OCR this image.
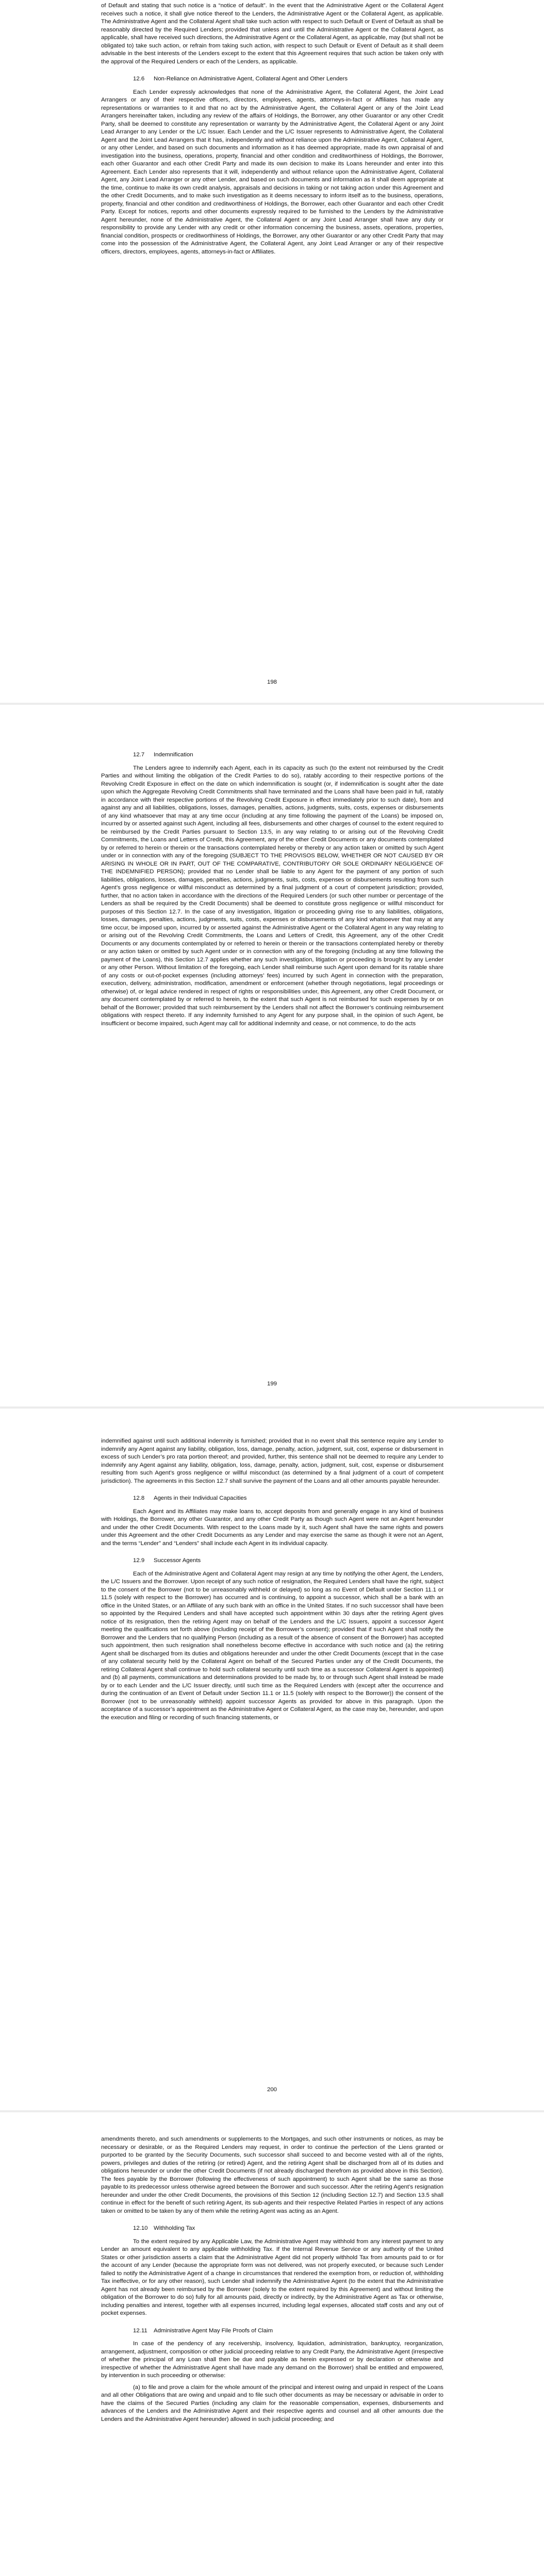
of Default and stating that such notice is a “notice of default”. In the event that the Administrative Agent or the Collateral Agent receives such a notice, it shall give notice thereof to the Lenders, the Administrative Agent or the Collateral Agent, as applicable. The Administrative Agent and the Collateral Agent shall take such action with respect to such Default or Event of Default as shall be reasonably directed by the Required Lenders; provided that unless and until the Administrative Agent or the Collateral Agent, as applicable, shall have received such directions, the Administrative Agent or the Collateral Agent, as applicable, may (but shall not be obligated to) take such action, or refrain from taking such action, with respect to such Default or Event of Default as it shall deem advisable in the best interests of the Lenders except to the extent that this Agreement requires that such action be taken only with the approval of the Required Lenders or each of the Lenders, as applicable.

12.6 Non-Reliance on Administrative Agent, Collateral Agent and Other Lenders

Each Lender expressly acknowledges that none of the Administrative Agent, the Collateral Agent, the Joint Lead Arrangers or any of their respective officers, directors, employees, agents, attorneys-in-fact or Affiliates has made any representations or warranties to it and that no act by the Administrative Agent, the Collateral Agent or any of the Joint Lead Arrangers hereinafter taken, including any review of the affairs of Holdings, the Borrower, any other Guarantor or any other Credit Party, shall be deemed to constitute any representation or warranty by the Administrative Agent, the Collateral Agent or any Joint Lead Arranger to any Lender or the L/C Issuer. Each Lender and the L/C Issuer represents to Administrative Agent, the Collateral Agent and the Joint Lead Arrangers that it has, independently and without reliance upon the Administrative Agent, Collateral Agent, or any other Lender, and based on such documents and information as it has deemed appropriate, made its own appraisal of and investigation into the business, operations, property, financial and other condition and creditworthiness of Holdings, the Borrower, each other Guarantor and each other Credit Party and made its own decision to make its Loans hereunder and enter into this Agreement. Each Lender also represents that it will, independently and without reliance upon the Administrative Agent, Collateral Agent, any Joint Lead Arranger or any other Lender, and based on such documents and information as it shall deem appropriate at the time, continue to make its own credit analysis, appraisals and decisions in taking or not taking action under this Agreement and the other Credit Documents, and to make such investigation as it deems necessary to inform itself as to the business, operations, property, financial and other condition and creditworthiness of Holdings, the Borrower, each other Guarantor and each other Credit Party. Except for notices, reports and other documents expressly required to be furnished to the Lenders by the Administrative Agent hereunder, none of the Administrative Agent, the Collateral Agent or any Joint Lead Arranger shall have any duty or responsibility to provide any Lender with any credit or other information concerning the business, assets, operations, properties, financial condition, prospects or creditworthiness of Holdings, the Borrower, any other Guarantor or any other Credit Party that may come into the possession of the Administrative Agent, the Collateral Agent, any Joint Lead Arranger or any of their respective officers, directors, employees, agents, attorneys-in-fact or Affiliates.

198
12.7 Indemnification

The Lenders agree to indemnify each Agent, each in its capacity as such (to the extent not reimbursed by the Credit Parties and without limiting the obligation of the Credit Parties to do so), ratably according to their respective portions of the Revolving Credit Exposure in effect on the date on which indemnification is sought (or, if indemnification is sought after the date upon which the Aggregate Revolving Credit Commitments shall have terminated and the Loans shall have been paid in full, ratably in accordance with their respective portions of the Revolving Credit Exposure in effect immediately prior to such date), from and against any and all liabilities, obligations, losses, damages, penalties, actions, judgments, suits, costs, expenses or disbursements of any kind whatsoever that may at any time occur (including at any time following the payment of the Loans) be imposed on, incurred by or asserted against such Agent, including all fees, disbursements and other charges of counsel to the extent required to be reimbursed by the Credit Parties pursuant to Section 13.5, in any way relating to or arising out of the Revolving Credit Commitments, the Loans and Letters of Credit, this Agreement, any of the other Credit Documents or any documents contemplated by or referred to herein or therein or the transactions contemplated hereby or thereby or any action taken or omitted by such Agent under or in connection with any of the foregoing (SUBJECT TO THE PROVISOS BELOW, WHETHER OR NOT CAUSED BY OR ARISING IN WHOLE OR IN PART, OUT OF THE COMPARATIVE, CONTRIBUTORY OR SOLE ORDINARY NEGLIGENCE OF THE INDEMNIFIED PERSON); provided that no Lender shall be liable to any Agent for the payment of any portion of such liabilities, obligations, losses, damages, penalties, actions, judgments, suits, costs, expenses or disbursements resulting from such Agent’s gross negligence or willful misconduct as determined by a final judgment of a court of competent jurisdiction; provided, further, that no action taken in accordance with the directions of the Required Lenders (or such other number or percentage of the Lenders as shall be required by the Credit Documents) shall be deemed to constitute gross negligence or willful misconduct for purposes of this Section 12.7. In the case of any investigation, litigation or proceeding giving rise to any liabilities, obligations, losses, damages, penalties, actions, judgments, suits, costs, expenses or disbursements of any kind whatsoever that may at any time occur, be imposed upon, incurred by or asserted against the Administrative Agent or the Collateral Agent in any way relating to or arising out of the Revolving Credit Commitments, the Loans and Letters of Credit, this Agreement, any of the other Credit Documents or any documents contemplated by or referred to herein or therein or the transactions contemplated hereby or thereby or any action taken or omitted by such Agent under or in connection with any of the foregoing (including at any time following the payment of the Loans), this Section 12.7 applies whether any such investigation, litigation or proceeding is brought by any Lender or any other Person. Without limitation of the foregoing, each Lender shall reimburse such Agent upon demand for its ratable share of any costs or out-of-pocket expenses (including attorneys’ fees) incurred by such Agent in connection with the preparation, execution, delivery, administration, modification, amendment or enforcement (whether through negotiations, legal proceedings or otherwise) of, or legal advice rendered in respect of rights or responsibilities under, this Agreement, any other Credit Document, or any document contemplated by or referred to herein, to the extent that such Agent is not reimbursed for such expenses by or on behalf of the Borrower; provided that such reimbursement by the Lenders shall not affect the Borrower’s continuing reimbursement obligations with respect thereto. If any indemnity furnished to any Agent for any purpose shall, in the opinion of such Agent, be insufficient or become impaired, such Agent may call for additional indemnity and cease, or not commence, to do the acts

199

indemnified against until such additional indemnity is furnished; provided that in no event shall this sentence require any Lender to indemnify any Agent against any liability, obligation, loss, damage, penalty, action, judgment, suit, cost, expense or disbursement in excess of such Lender’s pro rata portion thereof; and provided, further, this sentence shall not be deemed to require any Lender to indemnify any Agent against any liability, obligation, loss, damage, penalty, action, judgment, suit, cost, expense or disbursement resulting from such Agent’s gross negligence or willful misconduct (as determined by a final judgment of a court of competent jurisdiction). The agreements in this Section 12.7 shall survive the payment of the Loans and all other amounts payable hereunder.

12.8 Agents in their Individual Capacities

Each Agent and its Affiliates may make loans to, accept deposits from and generally engage in any kind of business with Holdings, the Borrower, any other Guarantor, and any other Credit Party as though such Agent were not an Agent hereunder and under the other Credit Documents. With respect to the Loans made by it, such Agent shall have the same rights and powers under this Agreement and the other Credit Documents as any Lender and may exercise the same as though it were not an Agent, and the terms “Lender” and “Lenders” shall include each Agent in its individual capacity.

12.9 Successor Agents

Each of the Administrative Agent and Collateral Agent may resign at any time by notifying the other Agent, the Lenders, the L/C Issuers and the Borrower. Upon receipt of any such notice of resignation, the Required Lenders shall have the right, subject to the consent of the Borrower (not to be unreasonably withheld or delayed) so long as no Event of Default under Section 11.1 or 11.5 (solely with respect to the Borrower) has occurred and is continuing, to appoint a successor, which shall be a bank with an office in the United States, or an Affiliate of any such bank with an office in the United States. If no such successor shall have been so appointed by the Required Lenders and shall have accepted such appointment within 30 days after the retiring Agent gives notice of its resignation, then the retiring Agent may on behalf of the Lenders and the L/C Issuers, appoint a successor Agent meeting the qualifications set forth above (including receipt of the Borrower’s consent); provided that if such Agent shall notify the Borrower and the Lenders that no qualifying Person (including as a result of the absence of consent of the Borrower) has accepted such appointment, then such resignation shall nonetheless become effective in accordance with such notice and (a) the retiring Agent shall be discharged from its duties and obligations hereunder and under the other Credit Documents (except that in the case of any collateral security held by the Collateral Agent on behalf of the Secured Parties under any of the Credit Documents, the retiring Collateral Agent shall continue to hold such collateral security until such time as a successor Collateral Agent is appointed) and (b) all payments, communications and determinations provided to be made by, to or through such Agent shall instead be made by or to each Lender and the L/C Issuer directly, until such time as the Required Lenders with (except after the occurrence and during the continuation of an Event of Default under Section 11.1 or 11.5 (solely with respect to the Borrower)) the consent of the Borrower (not to be unreasonably withheld) appoint successor Agents as provided for above in this paragraph. Upon the acceptance of a successor’s appointment as the Administrative Agent or Collateral Agent, as the case may be, hereunder, and upon the execution and filing or recording of such financing statements, or

200

amendments thereto, and such amendments or supplements to the Mortgages, and such other instruments or notices, as may be necessary or desirable, or as the Required Lenders may request, in order to continue the perfection of the Liens granted or purported to be granted by the Security Documents, such successor shall succeed to and become vested with all of the rights, powers, privileges and duties of the retiring (or retired) Agent, and the retiring Agent shall be discharged from all of its duties and obligations hereunder or under the other Credit Documents (if not already discharged therefrom as provided above in this Section). The fees payable by the Borrower (following the effectiveness of such appointment) to such Agent shall be the same as those payable to its predecessor unless otherwise agreed between the Borrower and such successor. After the retiring Agent’s resignation hereunder and under the other Credit Documents, the provisions of this Section 12 (including Section 12.7) and Section 13.5 shall continue in effect for the benefit of such retiring Agent, its sub-agents and their respective Related Parties in respect of any actions taken or omitted to be taken by any of them while the retiring Agent was acting as an Agent.

12.10 Withholding Tax

To the extent required by any Applicable Law, the Administrative Agent may withhold from any interest payment to any Lender an amount equivalent to any applicable withholding Tax. If the Internal Revenue Service or any authority of the United States or other jurisdiction asserts a claim that the Administrative Agent did not properly withhold Tax from amounts paid to or for the account of any Lender (because the appropriate form was not delivered, was not properly executed, or because such Lender failed to notify the Administrative Agent of a change in circumstances that rendered the exemption from, or reduction of, withholding Tax ineffective, or for any other reason), such Lender shall indemnify the Administrative Agent (to the extent that the Administrative Agent has not already been reimbursed by the Borrower (solely to the extent required by this Agreement) and without limiting the obligation of the Borrower to do so) fully for all amounts paid, directly or indirectly, by the Administrative Agent as Tax or otherwise, including penalties and interest, together with all expenses incurred, including legal expenses, allocated staff costs and any out of pocket expenses.

12.11 Administrative Agent May File Proofs of Claim

In case of the pendency of any receivership, insolvency, liquidation, administration, bankruptcy, reorganization, arrangement, adjustment, composition or other judicial proceeding relative to any Credit Party, the Administrative Agent (irrespective of whether the principal of any Loan shall then be due and payable as herein expressed or by declaration or otherwise and irrespective of whether the Administrative Agent shall have made any demand on the Borrower) shall be entitled and empowered, by intervention in such proceeding or otherwise:

(a) to file and prove a claim for the whole amount of the principal and interest owing and unpaid in respect of the Loans and all other Obligations that are owing and unpaid and to file such other documents as may be necessary or advisable in order to have the claims of the Secured Parties (including any claim for the reasonable compensation, expenses, disbursements and advances of the Lenders and the Administrative Agent and their respective agents and counsel and all other amounts due the Lenders and the Administrative Agent hereunder) allowed in such judicial proceeding; and
